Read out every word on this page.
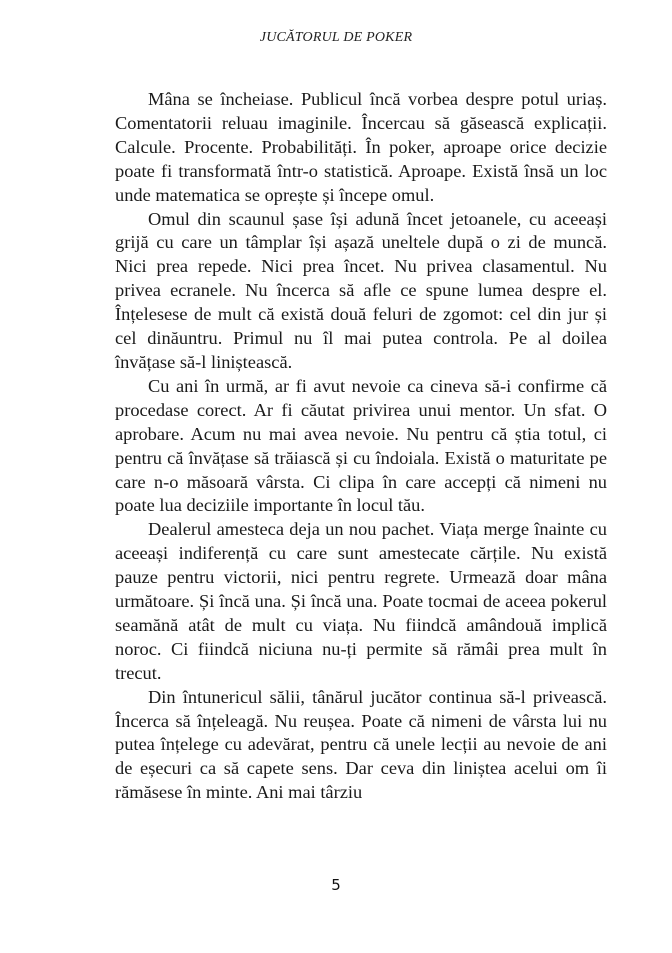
JUCĂTORUL DE POKER

Mâna se încheiase. Publicul încă vorbea despre potul uriaș. Comentatorii reluau imaginile. Încercau să găsească explicații. Calcule. Procente. Probabilități. În poker, aproape orice decizie poate fi transformată într-o statistică. Aproape. Există însă un loc unde matematica se oprește și începe omul.

Omul din scaunul șase își adună încet jetoanele, cu aceeași grijă cu care un tâmplar își așază uneltele după o zi de muncă. Nici prea repede. Nici prea încet. Nu privea clasamentul. Nu privea ecranele. Nu încerca să afle ce spune lumea despre el. Înțelesese de mult că există două feluri de zgomot: cel din jur și cel dinăuntru. Primul nu îl mai putea controla. Pe al doilea învățase să-l liniștească.

Cu ani în urmă, ar fi avut nevoie ca cineva să-i confirme că procedase corect. Ar fi căutat privirea unui mentor. Un sfat. O aprobare. Acum nu mai avea nevoie. Nu pentru că știa totul, ci pentru că învățase să trăiască și cu îndoiala. Există o maturitate pe care n-o măsoară vârsta. Ci clipa în care accepți că nimeni nu poate lua deciziile importante în locul tău.

Dealerul amesteca deja un nou pachet. Viața merge înainte cu aceeași indiferență cu care sunt amestecate cărțile. Nu există pauze pentru victorii, nici pentru regrete. Urmează doar mâna următoare. Și încă una. Și încă una. Poate tocmai de aceea pokerul seamănă atât de mult cu viața. Nu fiindcă amândouă implică noroc. Ci fiindcă niciuna nu-ți permite să rămâi prea mult în trecut.

Din întunericul sălii, tânărul jucător continua să-l privească. Încerca să înțeleagă. Nu reușea. Poate că nimeni de vârsta lui nu putea înțelege cu adevărat, pentru că unele lecții au nevoie de ani de eșecuri ca să capete sens. Dar ceva din liniștea acelui om îi rămăsese în minte. Ani mai târziu

5
